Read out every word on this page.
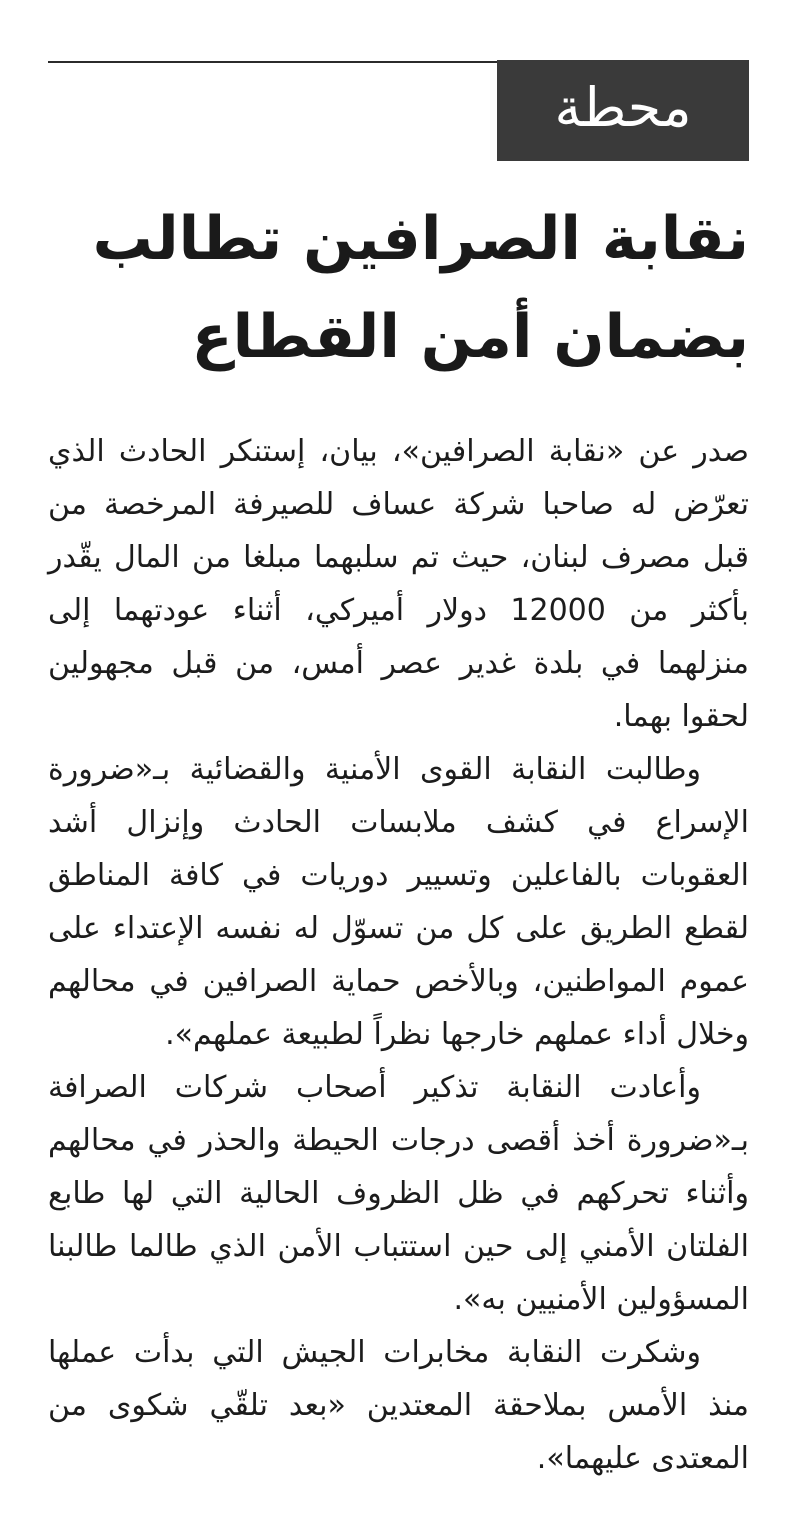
محطة
نقابة الصرافين تطالب
بضمان أمن القطاع

صدر عن «نقابة الصرافين»، بيان، إستنكر الحادث الذي تعرّض له صاحبا شركة عساف للصيرفة المرخصة من قبل مصرف لبنان، حيث تم سلبهما مبلغا من المال يقّدر بأكثر من 12000 دولار أميركي، أثناء عودتهما إلى منزلهما في بلدة غدير عصر أمس، من قبل مجهولين لحقوا بهما.

وطالبت النقابة القوى الأمنية والقضائية بـ«ضرورة الإسراع في كشف ملابسات الحادث وإنزال أشد العقوبات بالفاعلين وتسيير دوريات في كافة المناطق لقطع الطريق على كل من تسوّل له نفسه الإعتداء على عموم المواطنين، وبالأخص حماية الصرافين في محالهم وخلال أداء عملهم خارجها نظراً لطبيعة عملهم».

وأعادت النقابة تذكير أصحاب شركات الصرافة بـ«ضرورة أخذ أقصى درجات الحيطة والحذر في محالهم وأثناء تحركهم في ظل الظروف الحالية التي لها طابع الفلتان الأمني إلى حين استتباب الأمن الذي طالما طالبنا المسؤولين الأمنيين به».

وشكرت النقابة مخابرات الجيش التي بدأت عملها منذ الأمس بملاحقة المعتدين «بعد تلقّي شكوى من المعتدى عليهما».
